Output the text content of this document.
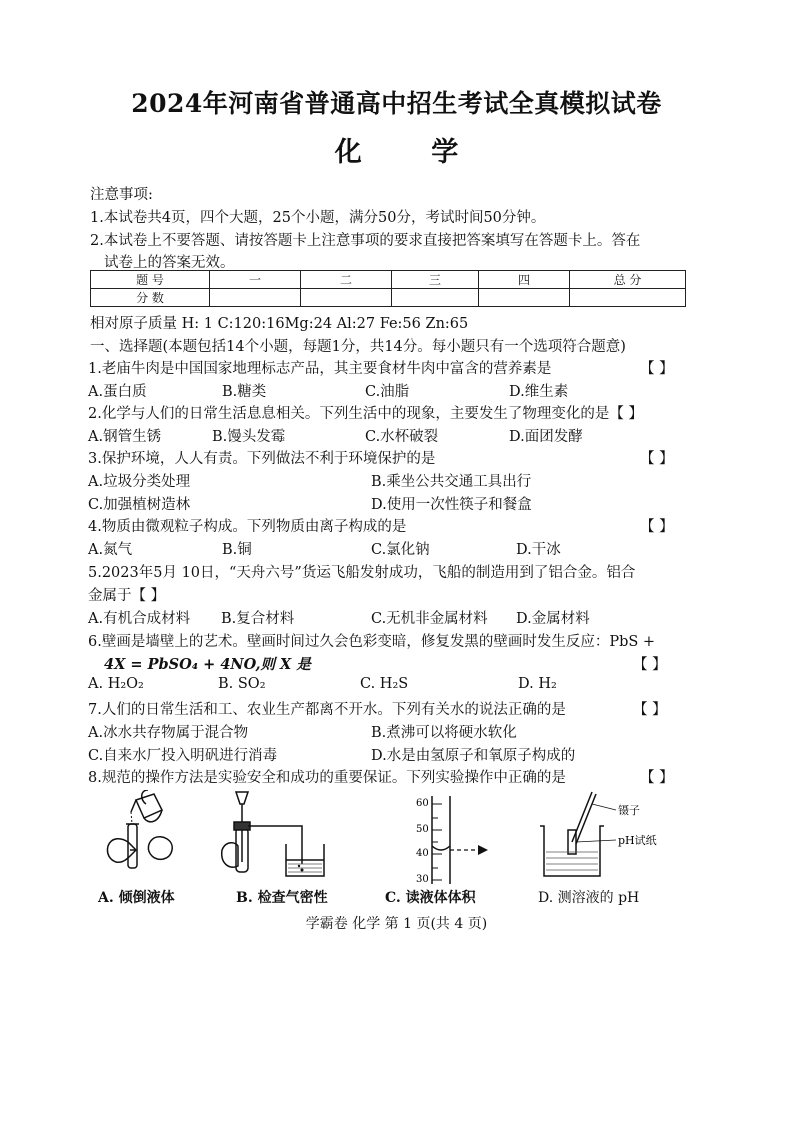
2024年河南省普通高中招生考试全真模拟试卷
化 学
注意事项:
1.本试卷共4页，四个大题，25个小题，满分50分，考试时间50分钟。
2.本试卷上不要答题、请按答题卡上注意事项的要求直接把答案填写在答题卡上。答在
试卷上的答案无效。
题 号	一	二	三	四	总 分
分 数					
相对原子质量 H: 1 C:120:16Mg:24 Al:27 Fe:56 Zn:65
一、选择题(本题包括14个小题，每题1分，共14分。每小题只有一个选项符合题意)
1.老庙牛肉是中国国家地理标志产品，其主要食材牛肉中富含的营养素是	【 】
A.蛋白质	B.糖类	C.油脂	D.维生素
2.化学与人们的日常生活息息相关。下列生活中的现象，主要发生了物理变化的是【 】
A.钢管生锈	B.馒头发霉	C.水杯破裂	D.面团发酵
3.保护环境，人人有责。下列做法不利于环境保护的是	【 】
A.垃圾分类处理	B.乘坐公共交通工具出行
C.加强植树造林	D.使用一次性筷子和餐盒
4.物质由微观粒子构成。下列物质由离子构成的是	【 】
A.氮气	B.铜	C.氯化钠	D.干冰
5.2023年5月 10日，“天舟六号”货运飞船发射成功，飞船的制造用到了铝合金。铝合
金属于【 】
A.有机合成材料 B.复合材料	C.无机非金属材料 D.金属材料
6.壁画是墙壁上的艺术。壁画时间过久会色彩变暗，修复发黑的壁画时发生反应：PbS +
4X = PbSO₄ + 4NO,则 X 是	【 】
A. H₂O₂	B. SO₂	C. H₂S	D. H₂
7.人们的日常生活和工、农业生产都离不开水。下列有关水的说法正确的是	【 】
A.冰水共存物属于混合物	B.煮沸可以将硬水软化
C.自来水厂投入明矾进行消毒	D.水是由氢原子和氧原子构成的
8.规范的操作方法是实验安全和成功的重要保证。下列实验操作中正确的是	【 】
60
50
40
30
镊子
pH试纸
A. 倾倒液体	B. 检查气密性	C. 读液体体积	D. 测溶液的 pH
学霸卷 化学 第 1 页(共 4 页)
